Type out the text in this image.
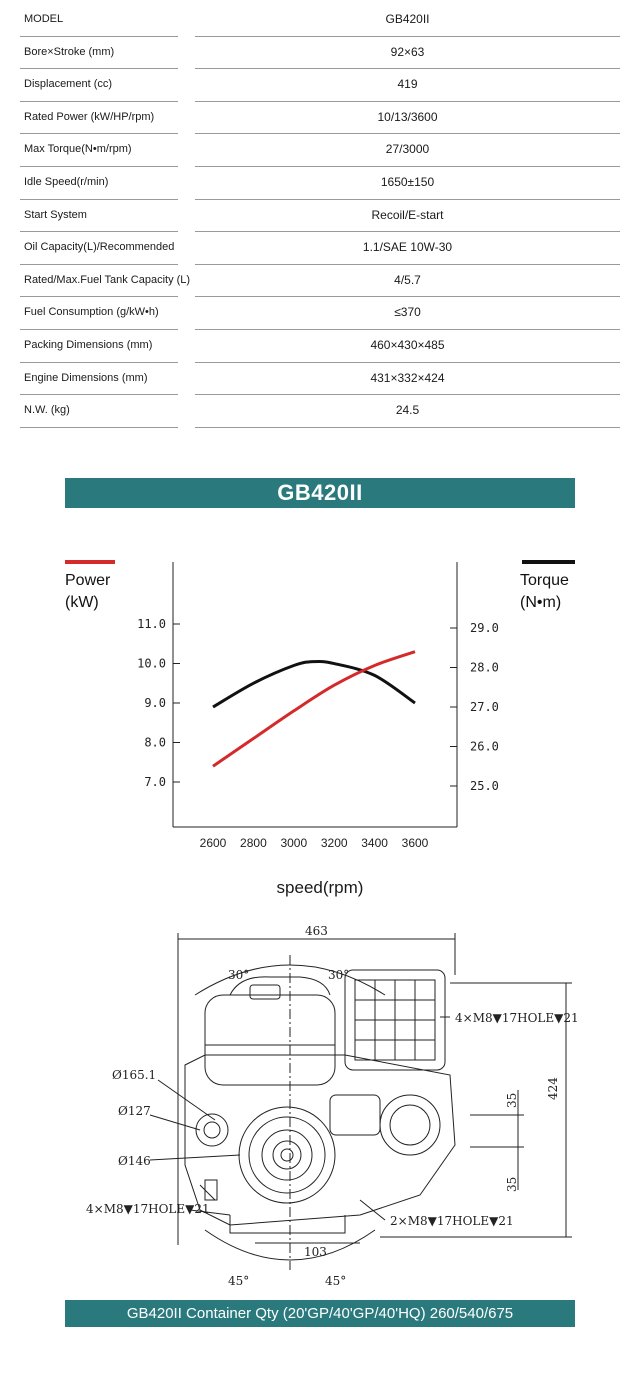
MODEL	GB420II
Bore×Stroke (mm)	92×63
Displacement (cc)	419
Rated Power (kW/HP/rpm)	10/13/3600
Max Torque(N•m/rpm)	27/3000
Idle Speed(r/min)	1650±150
Start System	Recoil/E-start
Oil Capacity(L)/Recommended	1.1/SAE 10W-30
Rated/Max.Fuel Tank Capacity (L)	4/5.7
Fuel Consumption (g/kW•h)	≤370
Packing Dimensions (mm)	460×430×485
Engine Dimensions (mm)	431×332×424
N.W. (kg)	24.5
GB420II
Power
(kW)
Torque
(N•m)
7.0
8.0
9.0
10.0
11.0
25.0
26.0
27.0
28.0
29.0
2600 2800 3000 3200 3400 3600
speed(rpm)
463
424
30°	30°
45°	45°
Ø165.1
Ø127
Ø146
4×M8▼17HOLE▼21
4×M8▼17HOLE▼21
2×M8▼17HOLE▼21
35
35
103
GB420II Container Qty (20'GP/40'GP/40'HQ) 260/540/675
